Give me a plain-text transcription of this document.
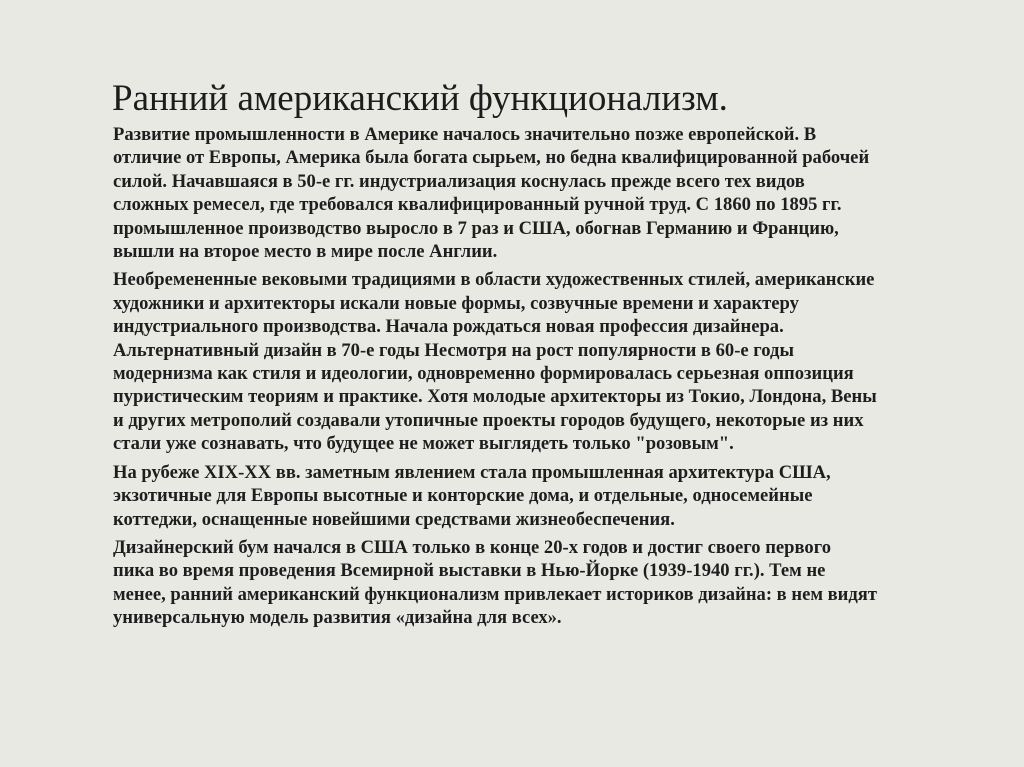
Ранний американский функционализм.

Развитие промышленности в Америке началось значительно позже европейской. В
отличие от Европы, Америка была богата сырьем, но бедна квалифицированной рабочей
силой. Начавшаяся в 50-е гг. индустриализация коснулась прежде всего тех видов
сложных ремесел, где требовался квалифицированный ручной труд. С 1860 по 1895 гг.
промышленное производство выросло в 7 раз и США, обогнав Германию и Францию,
вышли на второе место в мире после Англии.

Необремененные вековыми традициями в области художественных стилей, американские
художники и архитекторы искали новые формы, созвучные времени и характеру
индустриального производства. Начала рождаться новая профессия дизайнера.
Альтернативный дизайн в 70-е годы Несмотря на рост популярности в 60-е годы
модернизма как стиля и идеологии, одновременно формировалась серьезная оппозиция
пуристическим теориям и практике. Хотя молодые архитекторы из Токио, Лондона, Вены
и других метрополий создавали утопичные проекты городов будущего, некоторые из них
стали уже сознавать, что будущее не может выглядеть только "розовым".

На рубеже XIX-XX вв. заметным явлением стала промышленная архитектура США,
экзотичные для Европы высотные и конторские дома, и отдельные, односемейные
коттеджи, оснащенные новейшими средствами жизнеобеспечения.

Дизайнерский бум начался в США только в конце 20-х годов и достиг своего первого
пика во время проведения Всемирной выставки в Нью-Йорке (1939-1940 гг.). Тем не
менее, ранний американский функционализм привлекает историков дизайна: в нем видят
универсальную модель развития «дизайна для всех».
